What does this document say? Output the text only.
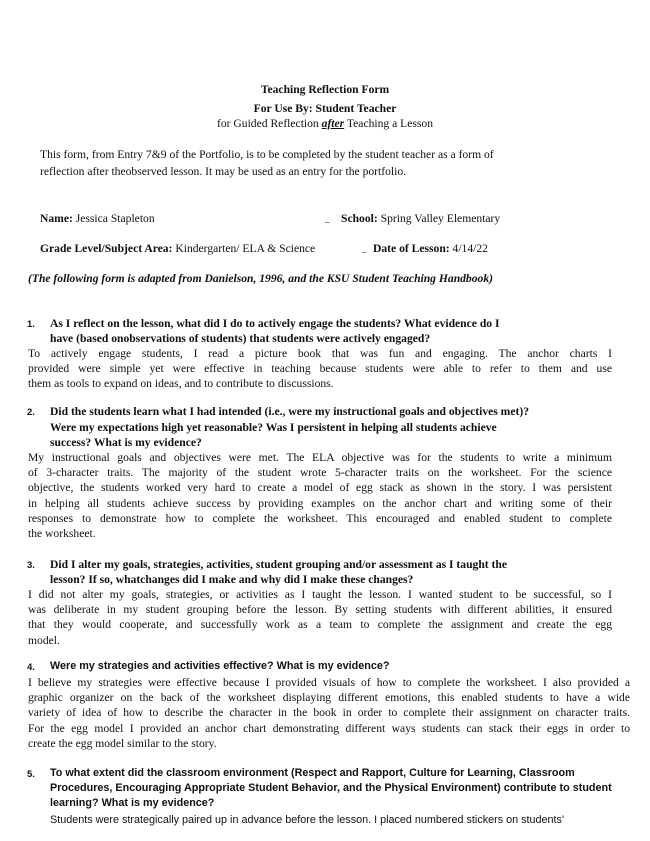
Teaching Reflection Form
For Use By: Student Teacher
for Guided Reflection after Teaching a Lesson
This form, from Entry 7&9 of the Portfolio, is to be completed by the student teacher as a form of
reflection after theobserved lesson. It may be used as an entry for the portfolio.
Name: Jessica Stapleton	_ School: Spring Valley Elementary
Grade Level/Subject Area: Kindergarten/ ELA & Science	_ Date of Lesson: 4/14/22
(The following form is adapted from Danielson, 1996, and the KSU Student Teaching Handbook)
1. As I reflect on the lesson, what did I do to actively engage the students? What evidence do I
have (based onobservations of students) that students were actively engaged?
To actively engage students, I read a picture book that was fun and engaging. The anchor charts I
provided were simple yet were effective in teaching because students were able to refer to them and use
them as tools to expand on ideas, and to contribute to discussions.
2. Did the students learn what I had intended (i.e., were my instructional goals and objectives met)?
Were my expectations high yet reasonable? Was I persistent in helping all students achieve
success? What is my evidence?
My instructional goals and objectives were met. The ELA objective was for the students to write a minimum
of 3-character traits. The majority of the student wrote 5-character traits on the worksheet. For the science
objective, the students worked very hard to create a model of egg stack as shown in the story. I was persistent
in helping all students achieve success by providing examples on the anchor chart and writing some of their
responses to demonstrate how to complete the worksheet. This encouraged and enabled student to complete
the worksheet.
3. Did I alter my goals, strategies, activities, student grouping and/or assessment as I taught the
lesson? If so, whatchanges did I make and why did I make these changes?
I did not alter my goals, strategies, or activities as I taught the lesson. I wanted student to be successful, so I
was deliberate in my student grouping before the lesson. By setting students with different abilities, it ensured
that they would cooperate, and successfully work as a team to complete the assignment and create the egg
model.
4. Were my strategies and activities effective? What is my evidence?
I believe my strategies were effective because I provided visuals of how to complete the worksheet. I also provided a
graphic organizer on the back of the worksheet displaying different emotions, this enabled students to have a wide
variety of idea of how to describe the character in the book in order to complete their assignment on character traits.
For the egg model I provided an anchor chart demonstrating different ways students can stack their eggs in order to
create the egg model similar to the story.
5. To what extent did the classroom environment (Respect and Rapport, Culture for Learning, Classroom
Procedures, Encouraging Appropriate Student Behavior, and the Physical Environment) contribute to student
learning? What is my evidence?
Students were strategically paired up in advance before the lesson. I placed numbered stickers on students'
